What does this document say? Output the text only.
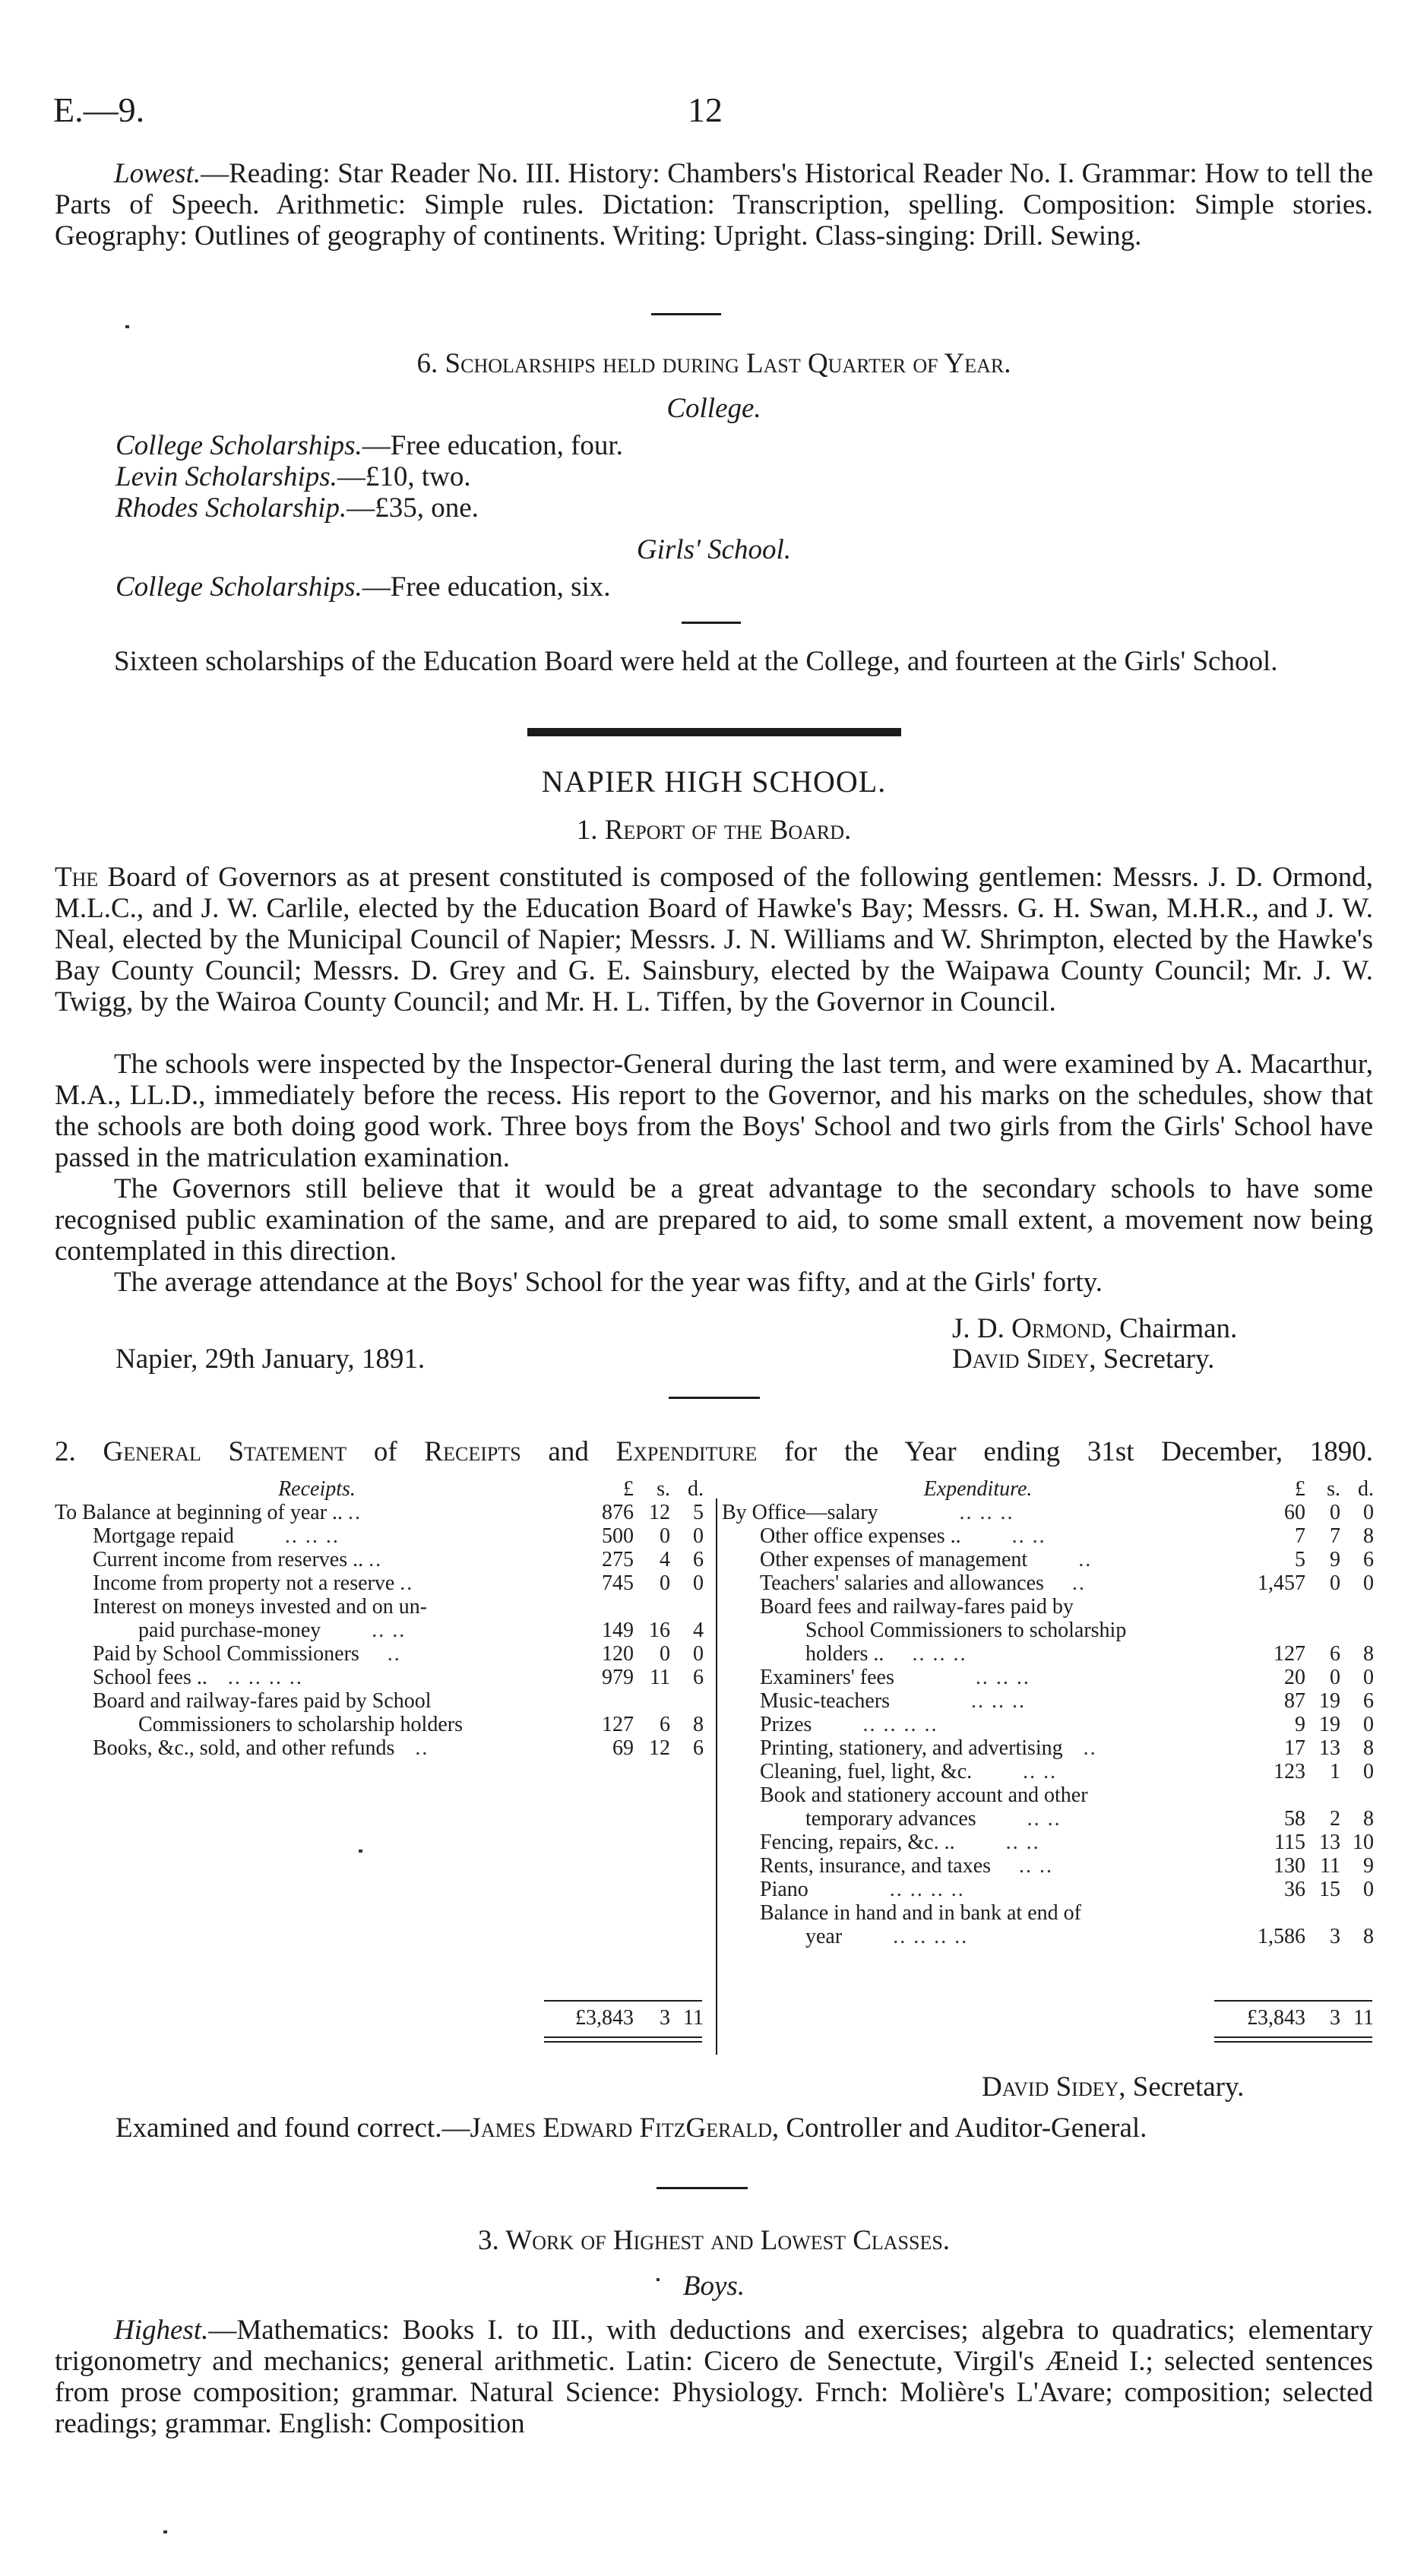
E.—9.	12
Lowest.—Reading: Star Reader No. III. History: Chambers's Historical Reader No. I. Grammar: How to tell the Parts of Speech. Arithmetic: Simple rules. Dictation: Transcription, spelling. Composition: Simple stories. Geography: Outlines of geography of continents. Writing: Upright. Class-singing: Drill. Sewing.
6. Scholarships held during Last Quarter of Year.
College.
College Scholarships.—Free education, four.
Levin Scholarships.—£10, two.
Rhodes Scholarship.—£35, one.
Girls' School.
College Scholarships.—Free education, six.
Sixteen scholarships of the Education Board were held at the College, and fourteen at the Girls' School.
NAPIER HIGH SCHOOL.
1. Report of the Board.
The Board of Governors as at present constituted is composed of the following gentlemen: Messrs. J. D. Ormond, M.L.C., and J. W. Carlile, elected by the Education Board of Hawke's Bay; Messrs. G. H. Swan, M.H.R., and J. W. Neal, elected by the Municipal Council of Napier; Messrs. J. N. Williams and W. Shrimpton, elected by the Hawke's Bay County Council; Messrs. D. Grey and G. E. Sainsbury, elected by the Waipawa County Council; Mr. J. W. Twigg, by the Wairoa County Council; and Mr. H. L. Tiffen, by the Governor in Council.
The schools were inspected by the Inspector-General during the last term, and were examined by A. Macarthur, M.A., LL.D., immediately before the recess. His report to the Governor, and his marks on the schedules, show that the schools are both doing good work. Three boys from the Boys' School and two girls from the Girls' School have passed in the matriculation examination.
The Governors still believe that it would be a great advantage to the secondary schools to have some recognised public examination of the same, and are prepared to aid, to some small extent, a movement now being contemplated in this direction.
The average attendance at the Boys' School for the year was fifty, and at the Girls' forty.
J. D. Ormond, Chairman.
Napier, 29th January, 1891.	David Sidey, Secretary.
2. General Statement of Receipts and Expenditure for the Year ending 31st December, 1890.
Receipts.	£	s.	d.
To Balance at beginning of year .. ..	876	12	5
Mortgage repaid .. .. ..	500	0	0
Current income from reserves .. ..	275	4	6
Income from property not a reserve ..	745	0	0
Interest on moneys invested and on un-			
paid purchase-money .. ..	149	16	4
Paid by School Commissioners ..	120	0	0
School fees .. .. .. .. ..	979	11	6
Board and railway-fares paid by School			
Commissioners to scholarship holders	127	6	8
Books, &c., sold, and other refunds ..	69	12	6
£3,843	3	11
Expenditure.	£	s.	d.
By Office—salary .. .. ..	60	0	0
Other office expenses .. .. ..	7	7	8
Other expenses of management ..	5	9	6
Teachers' salaries and allowances ..	1,457	0	0
Board fees and railway-fares paid by			
School Commissioners to scholarship			
holders .. .. .. ..	127	6	8
Examiners' fees .. .. ..	20	0	0
Music-teachers .. .. ..	87	19	6
Prizes .. .. .. ..	9	19	0
Printing, stationery, and advertising ..	17	13	8
Cleaning, fuel, light, &c. .. ..	123	1	0
Book and stationery account and other			
temporary advances .. ..	58	2	8
Fencing, repairs, &c. .. .. ..	115	13	10
Rents, insurance, and taxes .. ..	130	11	9
Piano .. .. .. ..	36	15	0
Balance in hand and in bank at end of			
year .. .. .. ..	1,586	3	8
£3,843	3	11
David Sidey, Secretary.
Examined and found correct.—James Edward FitzGerald, Controller and Auditor-General.
3. Work of Highest and Lowest Classes.
Boys.
Highest.—Mathematics: Books I. to III., with deductions and exercises; algebra to quadratics; elementary trigonometry and mechanics; general arithmetic. Latin: Cicero de Senectute, Virgil's Æneid I.; selected sentences from prose composition; grammar. Natural Science: Physiology. Frnch: Molière's L'Avare; composition; selected readings; grammar. English: Composition
